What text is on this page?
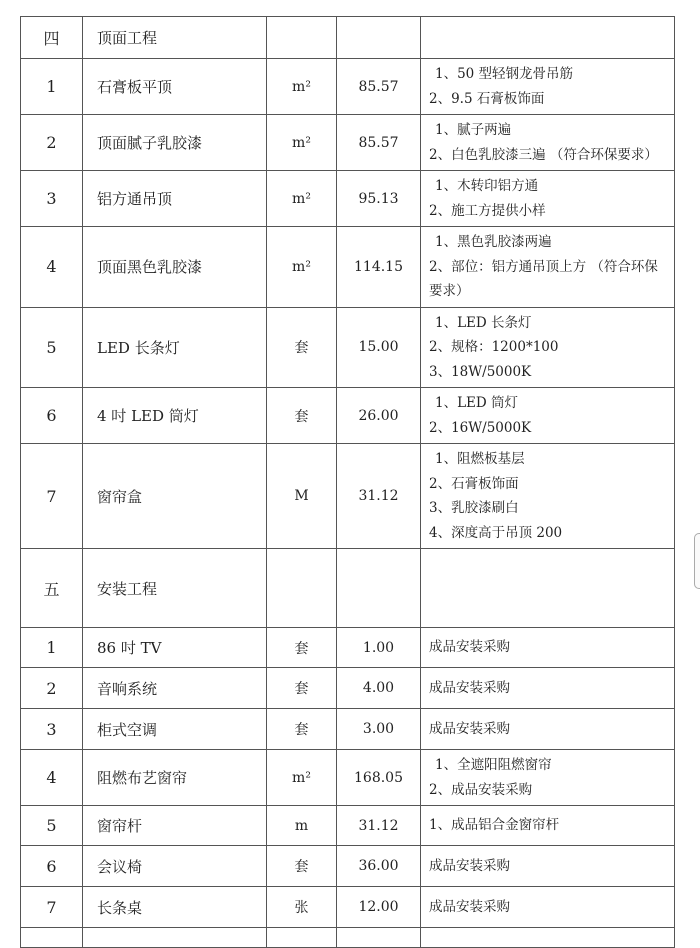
四	顶面工程			
1	石膏板平顶	m²	85.57	1、50 型轻钢龙骨吊筋
2、9.5 石膏板饰面

2	顶面腻子乳胶漆	m²	85.57	1、腻子两遍
2、白色乳胶漆三遍 （符合环保要求）

3	铝方通吊顶	m²	95.13	1、木转印铝方通
2、施工方提供小样

4	顶面黑色乳胶漆	m²	114.15	1、黑色乳胶漆两遍
2、部位：铝方通吊顶上方 （符合环保要求）

5	LED 长条灯	套	15.00	1、LED 长条灯
2、规格：1200*100
3、18W/5000K

6	4 吋 LED 筒灯	套	26.00	1、LED 筒灯
2、16W/5000K

7	窗帘盒	M	31.12	1、阻燃板基层
2、石膏板饰面
3、乳胶漆刷白
4、深度高于吊顶 200

五	安装工程			
1	86 吋 TV	套	1.00	成品安装采购

2	音响系统	套	4.00	成品安装采购

3	柜式空调	套	3.00	成品安装采购

4	阻燃布艺窗帘	m²	168.05	1、全遮阳阻燃窗帘
2、成品安装采购

5	窗帘杆	m	31.12	1、成品铝合金窗帘杆

6	会议椅	套	36.00	成品安装采购

7	长条桌	张	12.00	成品安装采购
